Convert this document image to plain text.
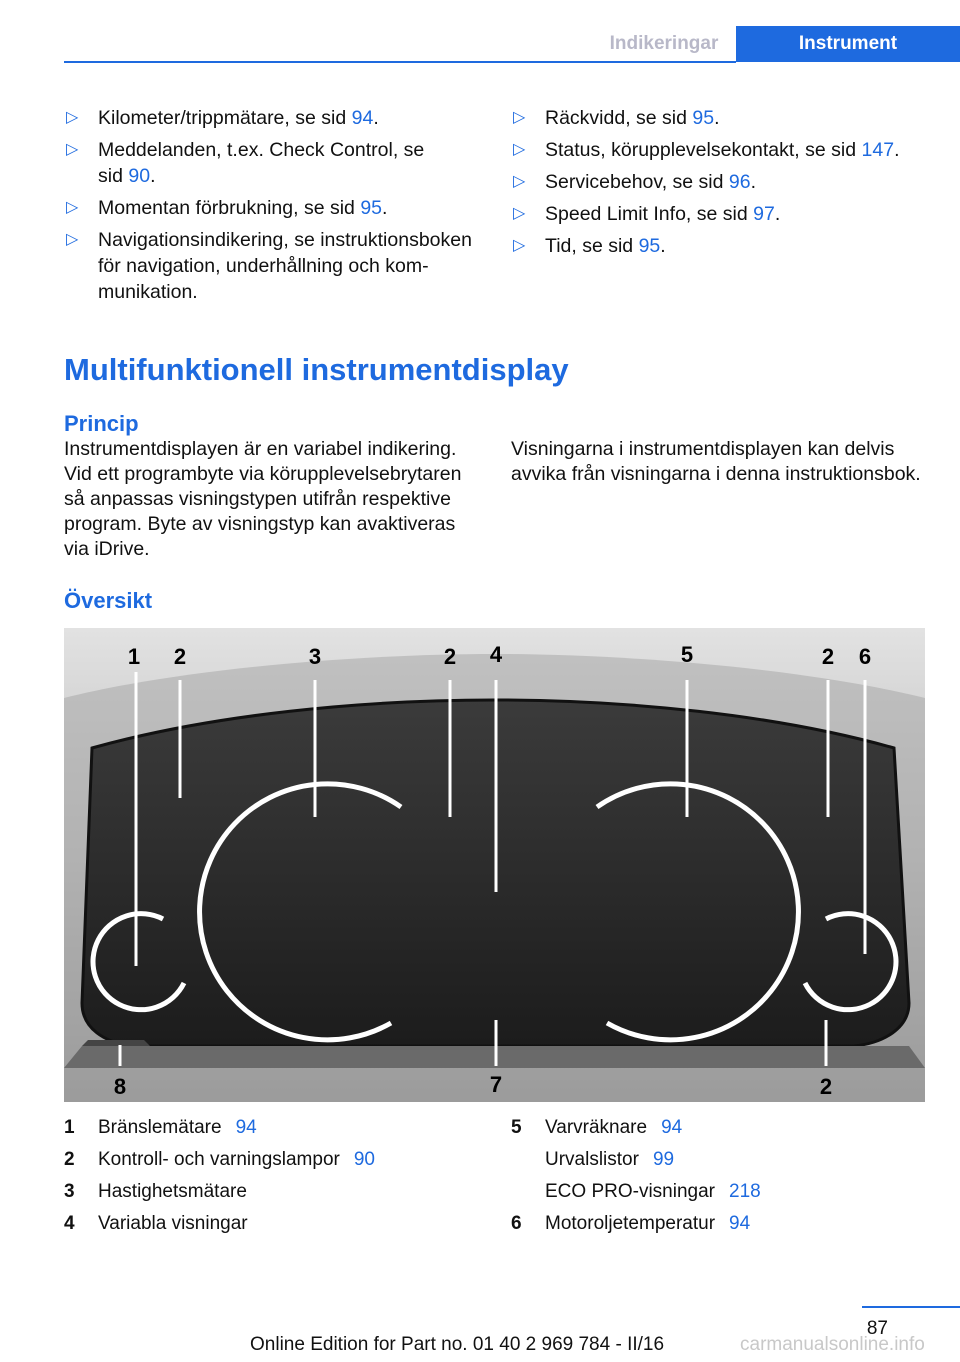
Indikeringar	Instrument
▷ Kilometer/trippmätare, se sid 94.
▷ Meddelanden, t.ex. Check Control, se sid 90.
▷ Momentan förbrukning, se sid 95.
▷ Navigationsindikering, se instruktionsboken för navigation, underhållning och kommunikation.
▷ Räckvidd, se sid 95.
▷ Status, körupplevelsekontakt, se sid 147.
▷ Servicebehov, se sid 96.
▷ Speed Limit Info, se sid 97.
▷ Tid, se sid 95.
Multifunktionell instrumentdisplay
Princip
Instrumentdisplayen är en variabel indikering. Vid ett programbyte via körupplevelsebrytaren så anpassas visningstypen utifrån respektive program. Byte av visningstyp kan avaktiveras via iDrive.
Visningarna i instrumentdisplayen kan delvis avvika från visningarna i denna instruktionsbok.
Översikt
1 2	3	2 4	5	2 6
8	7	2
1 Bränslemätare 94
2 Kontroll- och varningslampor 90
3 Hastighetsmätare
4 Variabla visningar
5 Varvräknare 94
Urvalslistor 99
ECO PRO-visningar 218
6 Motoroljetemperatur 94
87
Online Edition for Part no. 01 40 2 969 784 - II/16	carmanualsonline.info
